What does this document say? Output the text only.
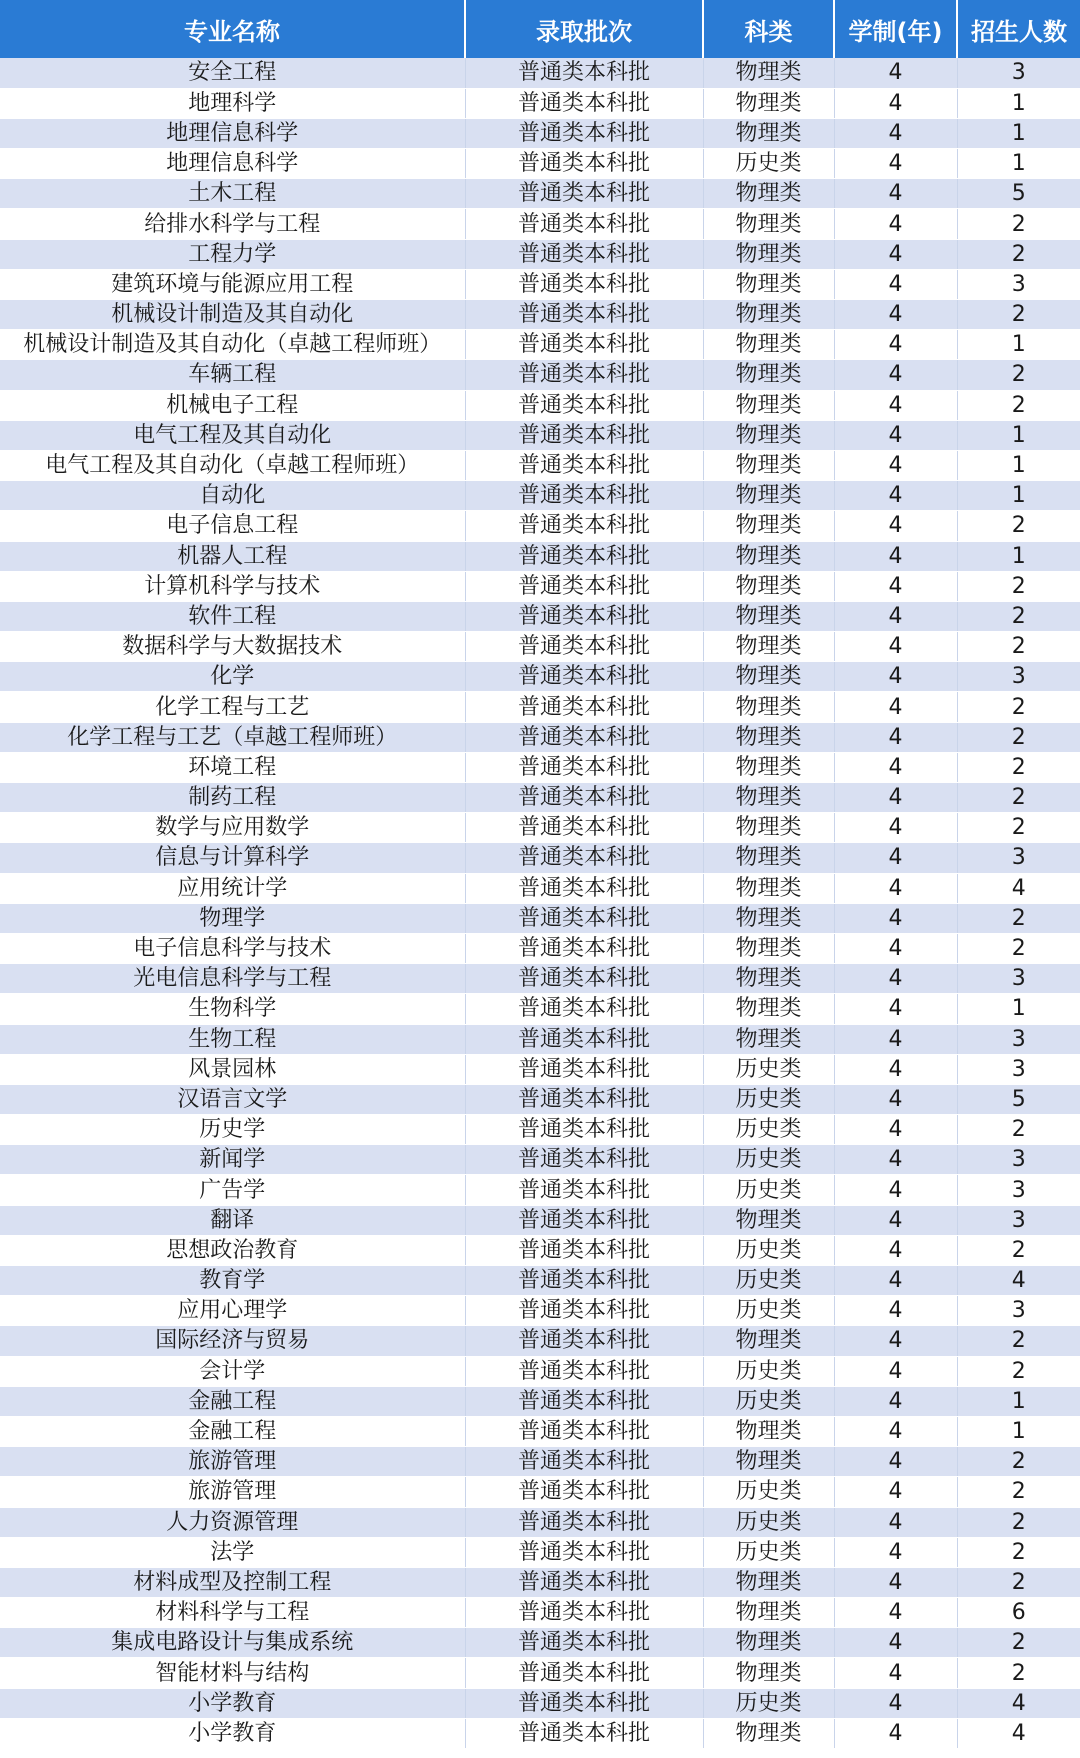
专业名称	录取批次	科类	学制(年)	招生人数
安全工程	普通类本科批	物理类	4	3
地理科学	普通类本科批	物理类	4	1
地理信息科学	普通类本科批	物理类	4	1
地理信息科学	普通类本科批	历史类	4	1
土木工程	普通类本科批	物理类	4	5
给排水科学与工程	普通类本科批	物理类	4	2
工程力学	普通类本科批	物理类	4	2
建筑环境与能源应用工程	普通类本科批	物理类	4	3
机械设计制造及其自动化	普通类本科批	物理类	4	2
机械设计制造及其自动化（卓越工程师班）	普通类本科批	物理类	4	1
车辆工程	普通类本科批	物理类	4	2
机械电子工程	普通类本科批	物理类	4	2
电气工程及其自动化	普通类本科批	物理类	4	1
电气工程及其自动化（卓越工程师班）	普通类本科批	物理类	4	1
自动化	普通类本科批	物理类	4	1
电子信息工程	普通类本科批	物理类	4	2
机器人工程	普通类本科批	物理类	4	1
计算机科学与技术	普通类本科批	物理类	4	2
软件工程	普通类本科批	物理类	4	2
数据科学与大数据技术	普通类本科批	物理类	4	2
化学	普通类本科批	物理类	4	3
化学工程与工艺	普通类本科批	物理类	4	2
化学工程与工艺（卓越工程师班）	普通类本科批	物理类	4	2
环境工程	普通类本科批	物理类	4	2
制药工程	普通类本科批	物理类	4	2
数学与应用数学	普通类本科批	物理类	4	2
信息与计算科学	普通类本科批	物理类	4	3
应用统计学	普通类本科批	物理类	4	4
物理学	普通类本科批	物理类	4	2
电子信息科学与技术	普通类本科批	物理类	4	2
光电信息科学与工程	普通类本科批	物理类	4	3
生物科学	普通类本科批	物理类	4	1
生物工程	普通类本科批	物理类	4	3
风景园林	普通类本科批	历史类	4	3
汉语言文学	普通类本科批	历史类	4	5
历史学	普通类本科批	历史类	4	2
新闻学	普通类本科批	历史类	4	3
广告学	普通类本科批	历史类	4	3
翻译	普通类本科批	物理类	4	3
思想政治教育	普通类本科批	历史类	4	2
教育学	普通类本科批	历史类	4	4
应用心理学	普通类本科批	历史类	4	3
国际经济与贸易	普通类本科批	物理类	4	2
会计学	普通类本科批	历史类	4	2
金融工程	普通类本科批	历史类	4	1
金融工程	普通类本科批	物理类	4	1
旅游管理	普通类本科批	物理类	4	2
旅游管理	普通类本科批	历史类	4	2
人力资源管理	普通类本科批	历史类	4	2
法学	普通类本科批	历史类	4	2
材料成型及控制工程	普通类本科批	物理类	4	2
材料科学与工程	普通类本科批	物理类	4	6
集成电路设计与集成系统	普通类本科批	物理类	4	2
智能材料与结构	普通类本科批	物理类	4	2
小学教育	普通类本科批	历史类	4	4
小学教育	普通类本科批	物理类	4	4
